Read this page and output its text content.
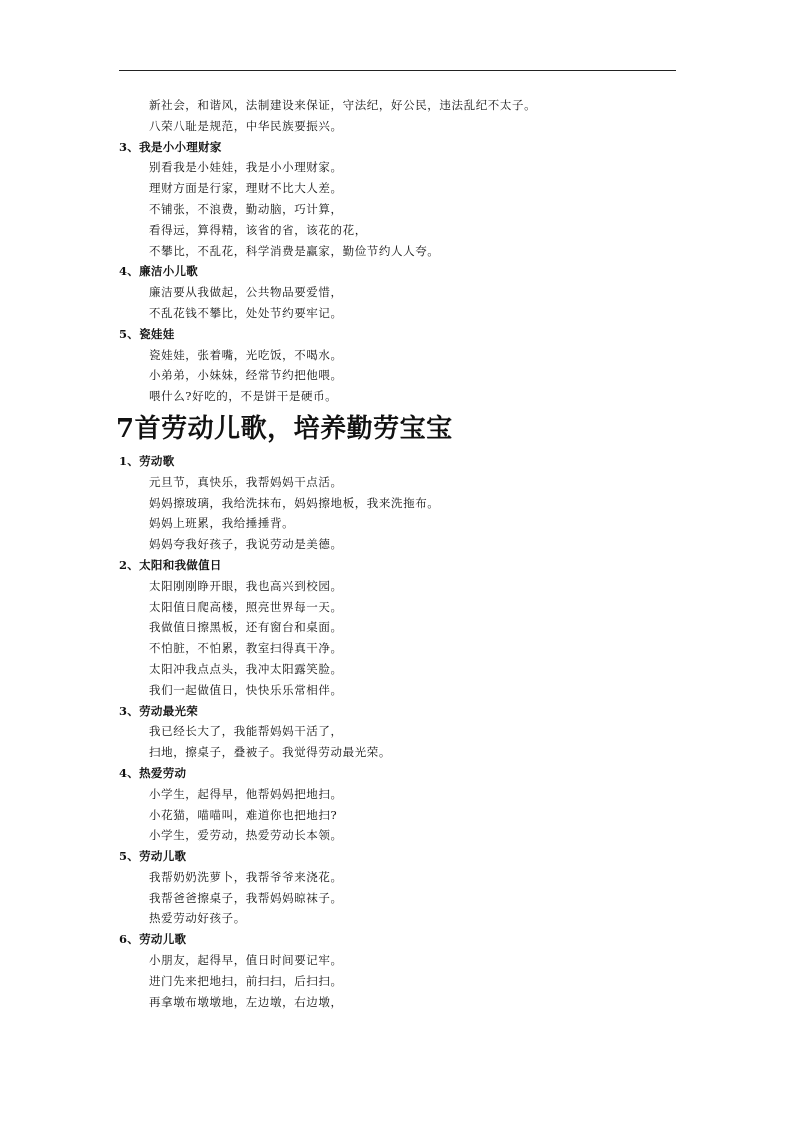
新社会，和谐风，法制建设来保证，守法纪，好公民，违法乱纪不太子。
八荣八耻是规范，中华民族要振兴。
3、我是小小理财家
别看我是小娃娃，我是小小理财家。
理财方面是行家，理财不比大人差。
不铺张，不浪费，勤动脑，巧计算，
看得远，算得精，该省的省，该花的花，
不攀比，不乱花，科学消费是赢家，勤俭节约人人夸。
4、廉洁小儿歌
廉洁要从我做起，公共物品要爱惜，
不乱花钱不攀比，处处节约要牢记。
5、瓷娃娃
瓷娃娃，张着嘴，光吃饭，不喝水。
小弟弟，小妹妹，经常节约把他喂。
喂什么?好吃的，不是饼干是硬币。
7首劳动儿歌，培养勤劳宝宝
1、劳动歌
元旦节，真快乐，我帮妈妈干点活。
妈妈擦玻璃，我给洗抹布，妈妈擦地板，我来洗拖布。
妈妈上班累，我给捶捶背。
妈妈夸我好孩子，我说劳动是美德。
2、太阳和我做值日
太阳刚刚睁开眼，我也高兴到校园。
太阳值日爬高楼，照亮世界每一天。
我做值日擦黑板，还有窗台和桌面。
不怕脏，不怕累，教室扫得真干净。
太阳冲我点点头，我冲太阳露笑脸。
我们一起做值日，快快乐乐常相伴。
3、劳动最光荣
我已经长大了，我能帮妈妈干活了，
扫地，擦桌子，叠被子。我觉得劳动最光荣。
4、热爱劳动
小学生，起得早，他帮妈妈把地扫。
小花猫，喵喵叫，难道你也把地扫?
小学生，爱劳动，热爱劳动长本领。
5、劳动儿歌
我帮奶奶洗萝卜，我帮爷爷来浇花。
我帮爸爸擦桌子，我帮妈妈晾袜子。
热爱劳动好孩子。
6、劳动儿歌
小朋友，起得早，值日时间要记牢。
进门先来把地扫，前扫扫，后扫扫。
再拿墩布墩墩地，左边墩，右边墩，
